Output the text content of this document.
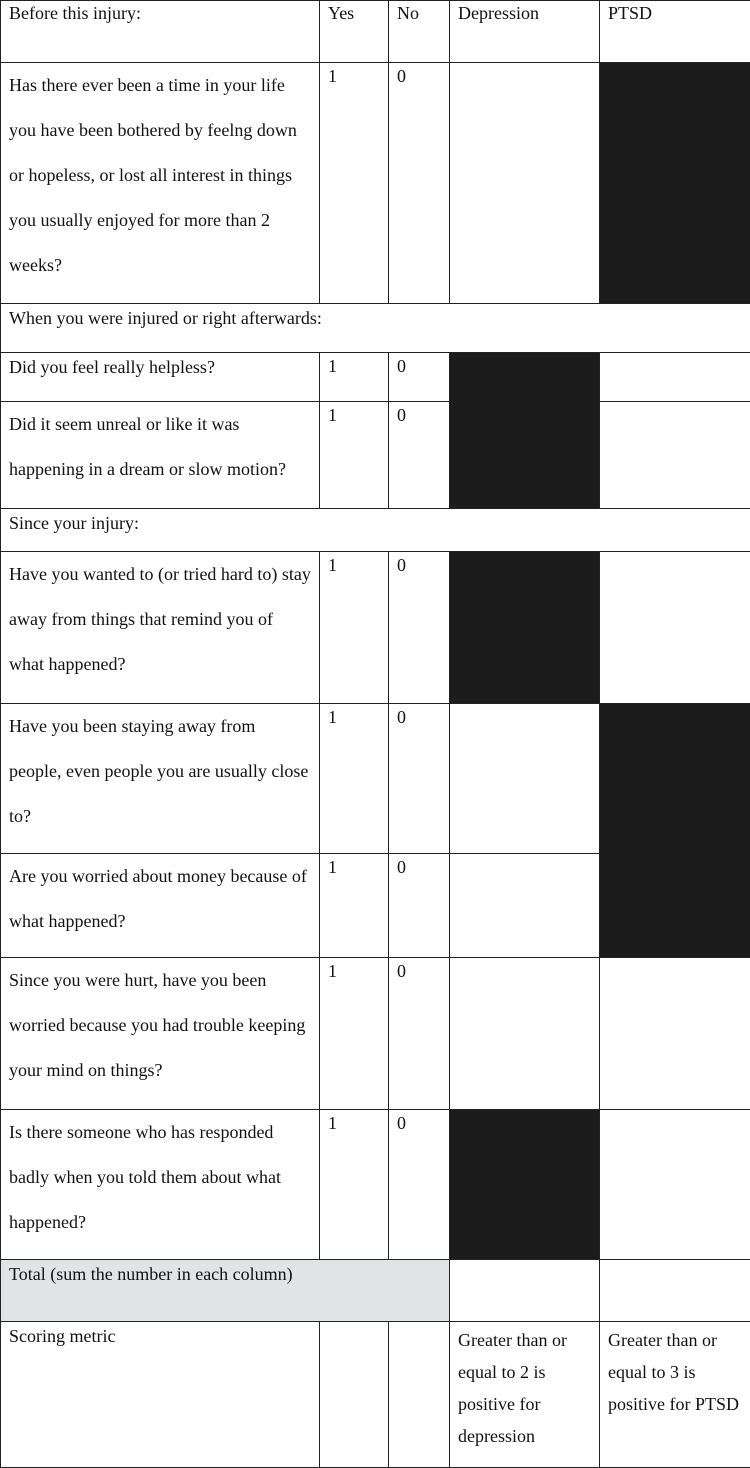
Before this injury:	Yes	No	Depression	PTSD
Has there ever been a time in your life you have been bothered by feelng down or hopeless, or lost all interest in things you usually enjoyed for more than 2 weeks?	1	0		
When you were injured or right afterwards:				
Did you feel really helpless?	1	0		
Did it seem unreal or like it was happening in a dream or slow motion?	1	0		
Since your injury:				
Have you wanted to (or tried hard to) stay away from things that remind you of what happened?	1	0		
Have you been staying away from people, even people you are usually close to?	1	0		
Are you worried about money because of what happened?	1	0		
Since you were hurt, have you been worried because you had trouble keeping your mind on things?	1	0		
Is there someone who has responded badly when you told them about what happened?	1	0		
Total (sum the number in each column)				
Scoring metric			Greater than or equal to 2 is positive for depression	Greater than or equal to 3 is positive for PTSD
